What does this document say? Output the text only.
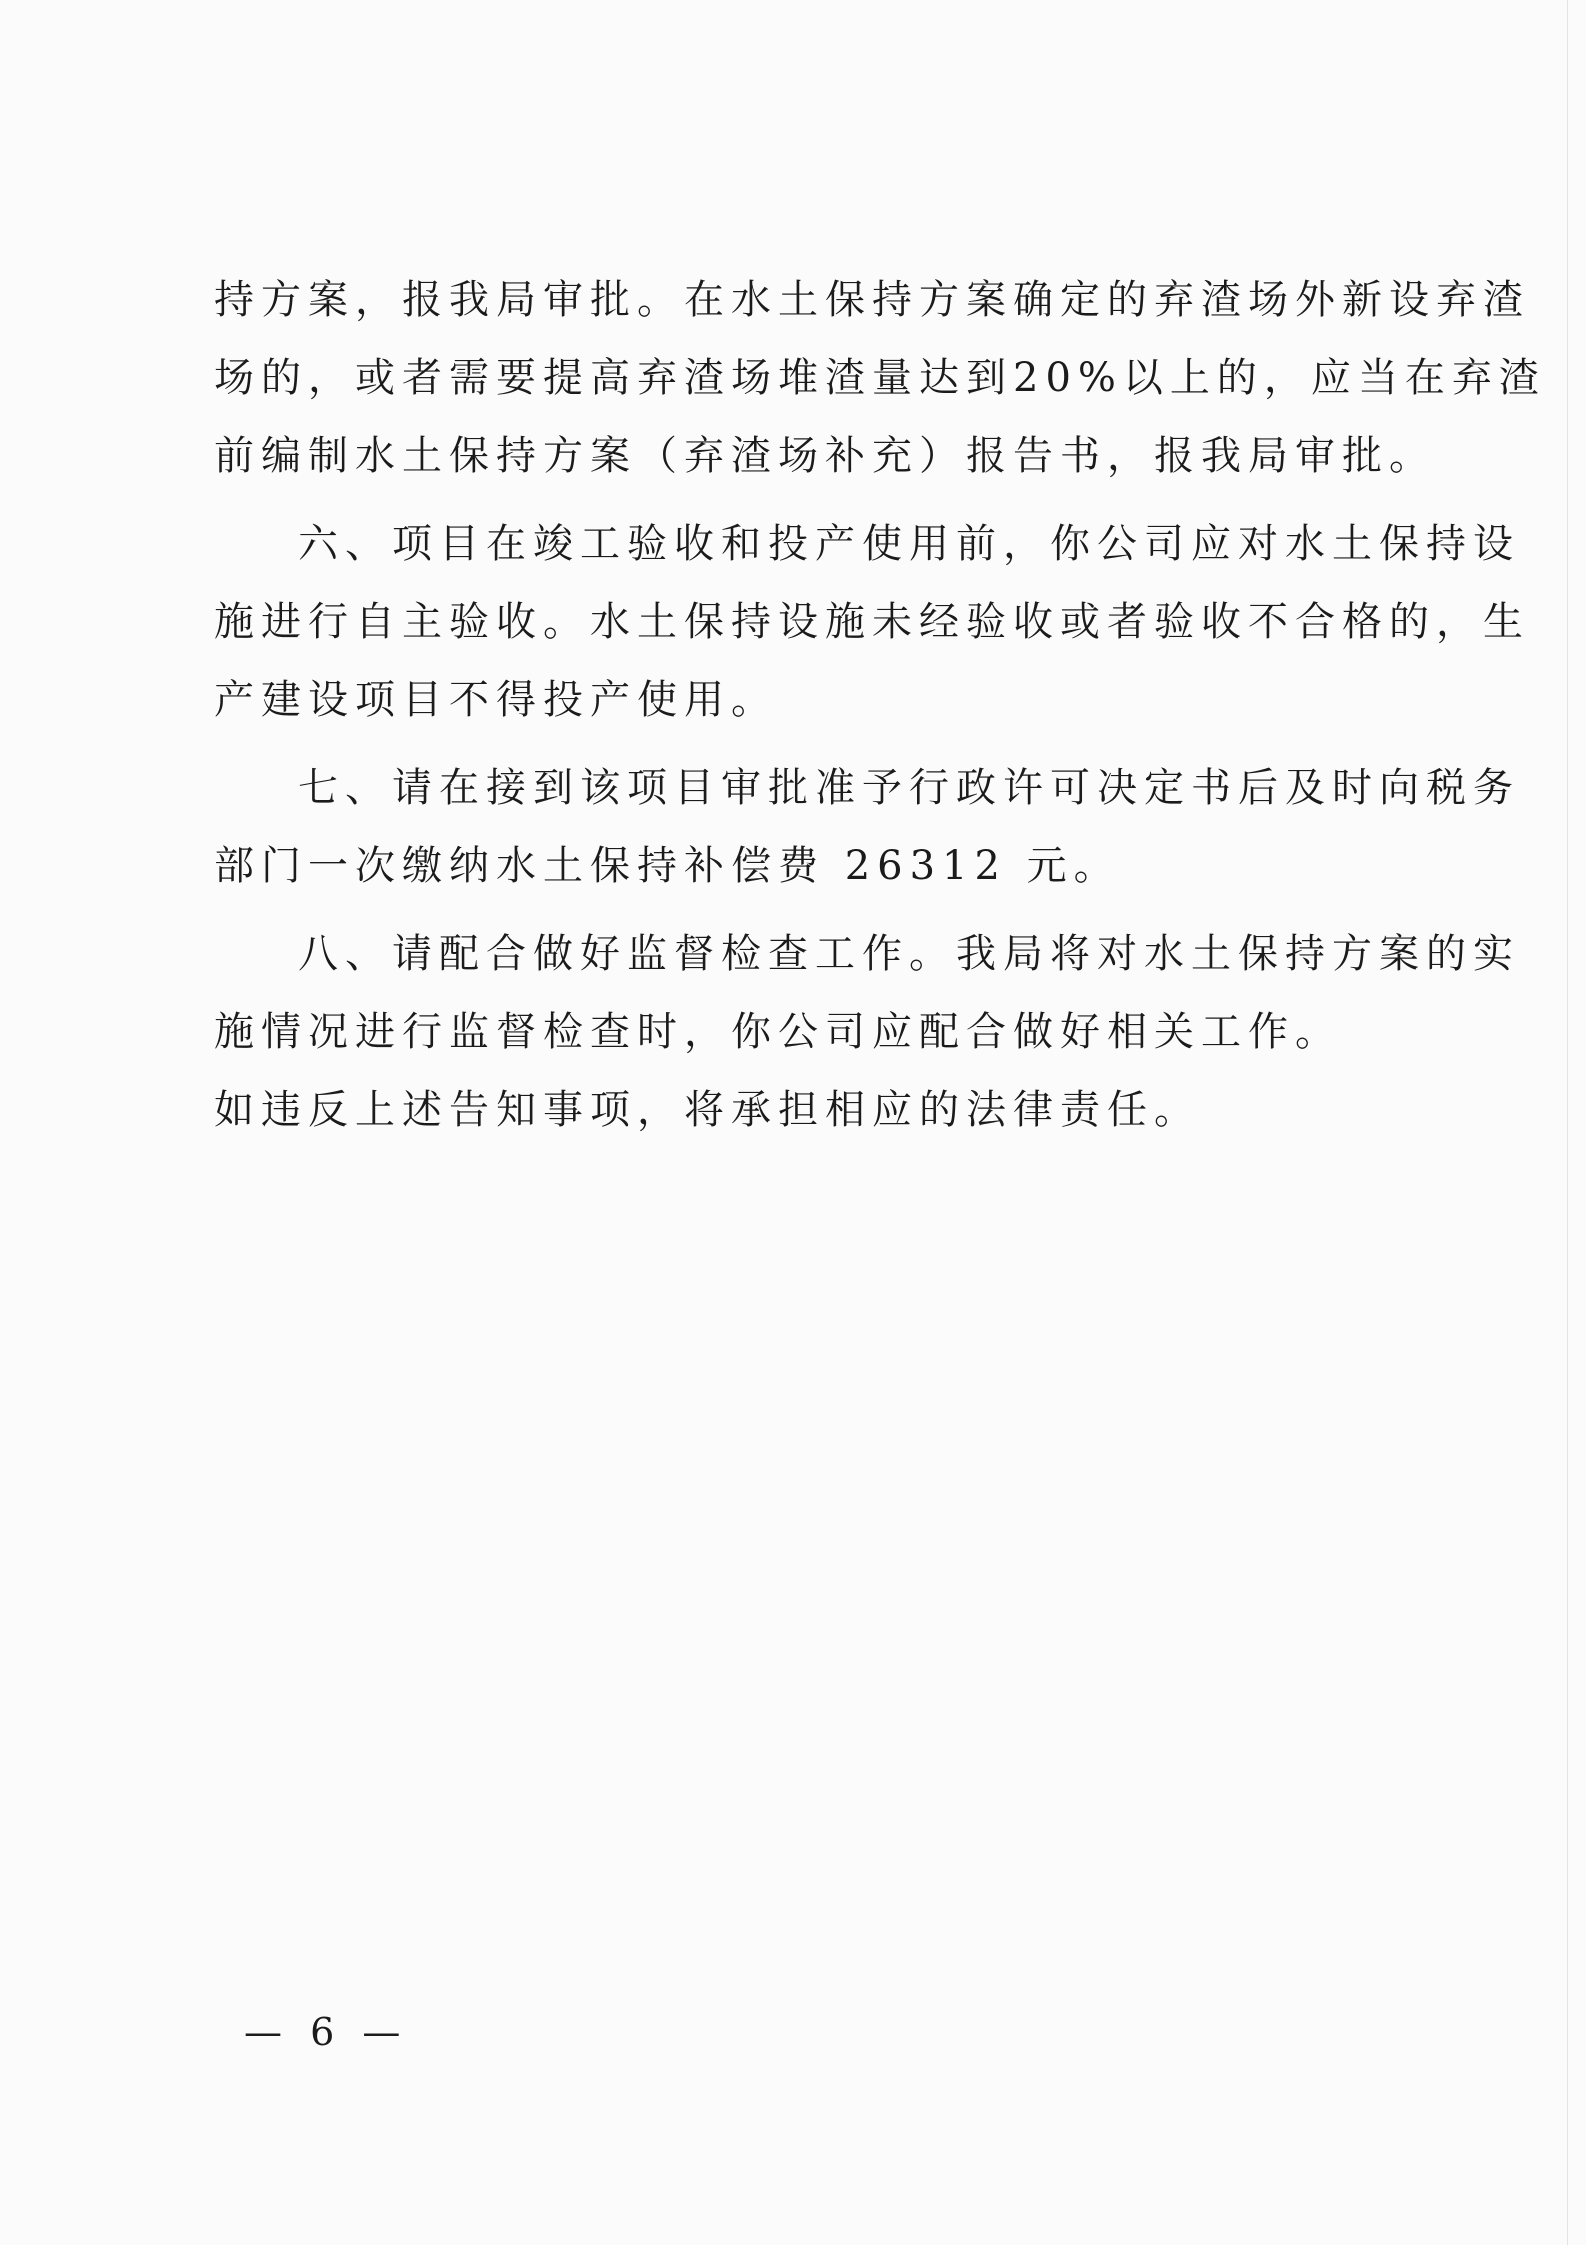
持方案，报我局审批。在水土保持方案确定的弃渣场外新设弃渣
场的，或者需要提高弃渣场堆渣量达到20%以上的，应当在弃渣
前编制水土保持方案（弃渣场补充）报告书，报我局审批。
六、项目在竣工验收和投产使用前，你公司应对水土保持设
施进行自主验收。水土保持设施未经验收或者验收不合格的，生
产建设项目不得投产使用。
七、请在接到该项目审批准予行政许可决定书后及时向税务
部门一次缴纳水土保持补偿费 26312 元。
八、请配合做好监督检查工作。我局将对水土保持方案的实
施情况进行监督检查时，你公司应配合做好相关工作。
如违反上述告知事项，将承担相应的法律责任。
— 6 —
